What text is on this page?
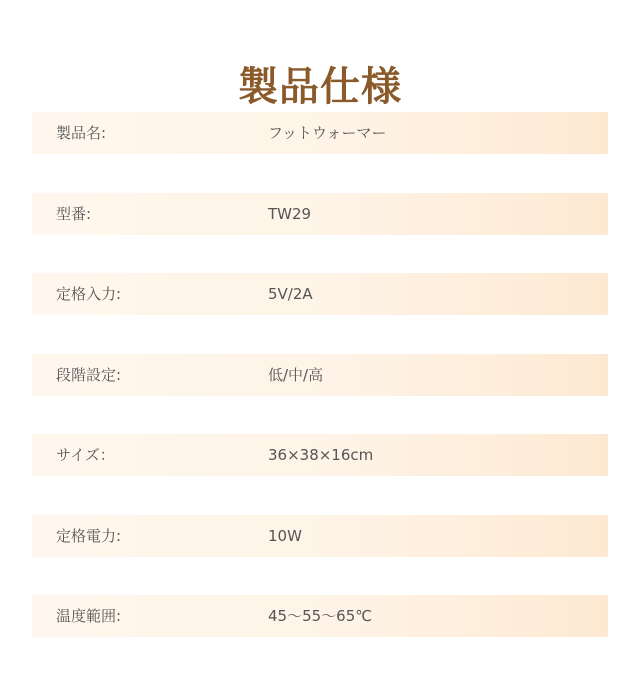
製品仕様
製品名:	フットウォーマー
型番:	TW29
定格入力:	5V/2A
段階設定:	低/中/高
サイズ：	36×38×16cm
定格電力:	10W
温度範囲:	45～55～65℃
